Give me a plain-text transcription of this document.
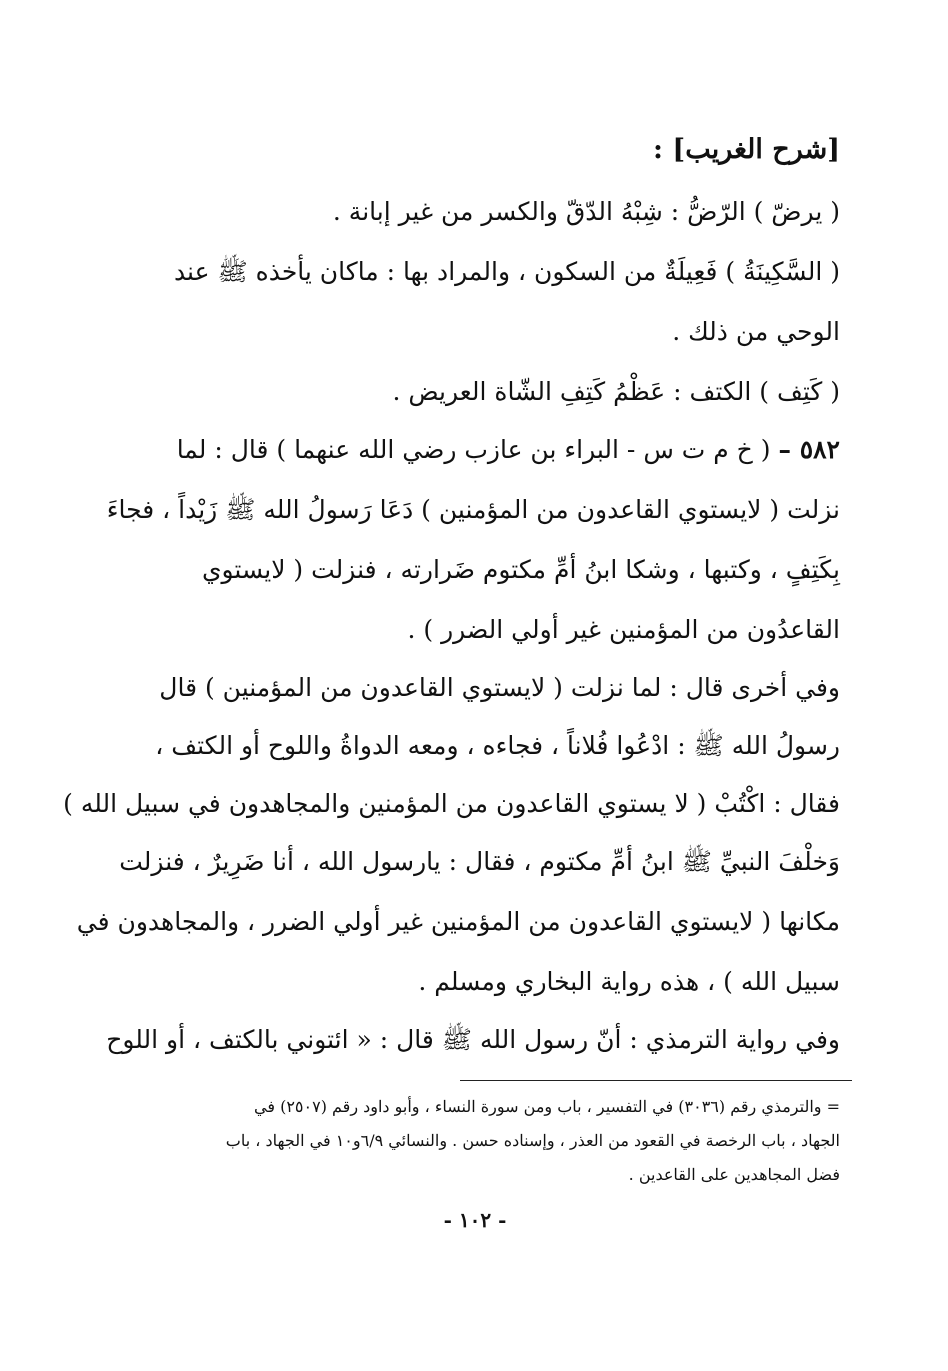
[شرح الغريب] :
( يرضّ ) الرّضُّ : شِبْهُ الدّقّ والكسر من غير إبانة .
( السَّكِينَةُ ) فَعِيلَةٌ من السكون ، والمراد بها : ماكان يأخذه ﷺ عند
الوحي من ذلك .
( كَتِف ) الكتف : عَظْمُ كَتِفِ الشّاة العريض .
٥٨٢ – ( خ م ت س - البراء بن عازب رضي الله عنهما ) قال : لما
نزلت ( لايستوي القاعدون من المؤمنين ) دَعَا رَسولُ الله ﷺ زَيْداً ، فجاءَ
بِكَتِفٍ ، وكتبها ، وشكا ابنُ أمِّ مكتوم ضَرارته ، فنزلت ( لايستوي
القاعدُون من المؤمنين غير أولي الضرر ) .
وفي أخرى قال : لما نزلت ( لايستوي القاعدون من المؤمنين ) قال
رسولُ الله ﷺ : ادْعُوا فُلاناً ، فجاءه ، ومعه الدواةُ واللوح أو الكتف ،
فقال : اكْتُبْ ( لا يستوي القاعدون من المؤمنين والمجاهدون في سبيل الله )
وَخلْفَ النبيِّ ﷺ ابنُ أمِّ مكتوم ، فقال : يارسول الله ، أنا ضَرِيرٌ ، فنزلت
مكانها ( لايستوي القاعدون من المؤمنين غير أولي الضرر ، والمجاهدون في
سبيل الله ) ، هذه رواية البخاري ومسلم .
وفي رواية الترمذي : أنّ رسول الله ﷺ قال : « ائتوني بالكتف ، أو اللوح
= والترمذي رقم (٣٠٣٦) في التفسير ، باب ومن سورة النساء ، وأبو داود رقم (٢٥٠٧) في
الجهاد ، باب الرخصة في القعود من العذر ، وإسناده حسن . والنسائي ٦/٩و١٠ في الجهاد ، باب
فضل المجاهدين على القاعدين .
- ١٠٢ -
